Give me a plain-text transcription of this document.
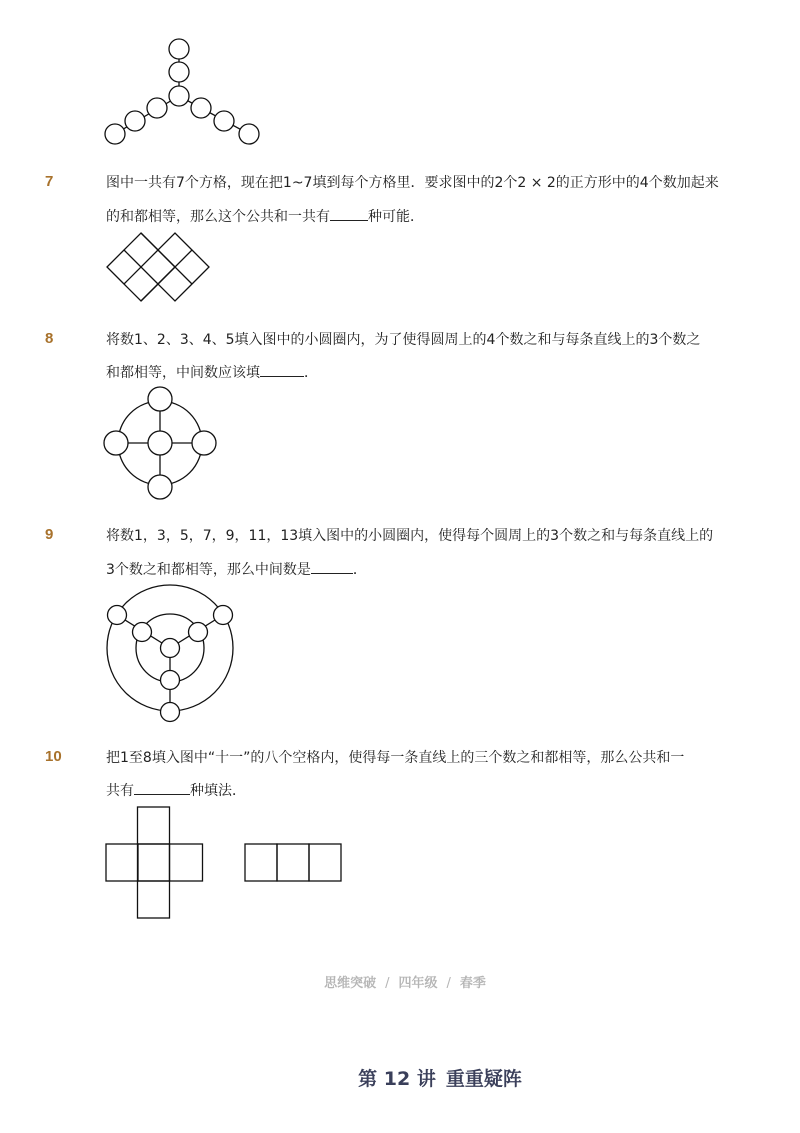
7	图中一共有7个方格，现在把1~7填到每个方格里．要求图中的2个2 × 2的正方形中的4个数加起来
的和都相等，那么这个公共和一共有	种可能．
8	将数1、2、3、4、5填入图中的小圆圈内，为了使得圆周上的4个数之和与每条直线上的3个数之
和都相等，中间数应该填	．
9	将数1，3，5，7，9，11，13填入图中的小圆圈内，使得每个圆周上的3个数之和与每条直线上的
3个数之和都相等，那么中间数是	．
10	把1至8填入图中“十一”的八个空格内，使得每一条直线上的三个数之和都相等，那么公共和一
共有	种填法．
思维突破 / 四年级 / 春季
第 12 讲 重重疑阵
